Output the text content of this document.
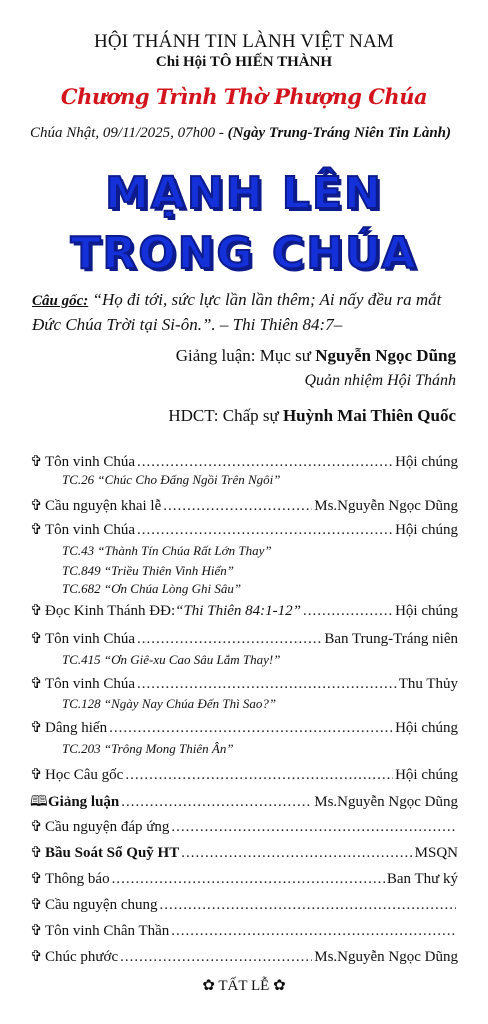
HỘI THÁNH TIN LÀNH VIỆT NAM
Chi Hội TÔ HIẾN THÀNH
Chương Trình Thờ Phượng Chúa
Chúa Nhật, 09/11/2025, 07h00 - (Ngày Trung-Tráng Niên Tin Lành)
MẠNH LÊN
TRONG CHÚA
Câu gốc: “Họ đi tới, sức lực lần lần thêm; Ai nấy đều ra mắt Đức Chúa Trời tại Si-ôn.”. – Thi Thiên 84:7–
Giảng luận: Mục sư Nguyễn Ngọc Dũng
Quản nhiệm Hội Thánh
HDCT: Chấp sự Huỳnh Mai Thiên Quốc
✞ Tôn vinh Chúa .....	Hội chúng
TC.26 “Chúc Cho Đấng Ngồi Trên Ngôi”
✞ Cầu nguyện khai lễ .....	Ms.Nguyễn Ngọc Dũng
✞ Tôn vinh Chúa .....	Hội chúng
TC.43 “Thành Tín Chúa Rất Lớn Thay”
TC.849 “Triều Thiên Vinh Hiển”
TC.682 “Ơn Chúa Lòng Ghi Sâu”
✞ Đọc Kinh Thánh ĐĐ: “Thi Thiên 84:1-12” .....	Hội chúng
✞ Tôn vinh Chúa .....	Ban Trung-Tráng niên
TC.415 “Ơn Giê-xu Cao Sâu Lắm Thay!”
✞ Tôn vinh Chúa .....	Thu Thủy
TC.128 “Ngày Nay Chúa Đến Thì Sao?”
✞ Dâng hiến .....	Hội chúng
TC.203 “Trông Mong Thiên Ân”
✞ Học Câu gốc .....	Hội chúng
🕮 Giảng luận .....	Ms.Nguyễn Ngọc Dũng
✞ Cầu nguyện đáp ứng
.....
✞ Bầu Soát Sổ Quỹ HT .....	MSQN
✞ Thông báo .....	Ban Thư ký
✞ Cầu nguyện chung
.....
✞ Tôn vinh Chân Thần
.....
✞ Chúc phước .....	Ms.Nguyễn Ngọc Dũng
✿ TẤT LỄ ✿
